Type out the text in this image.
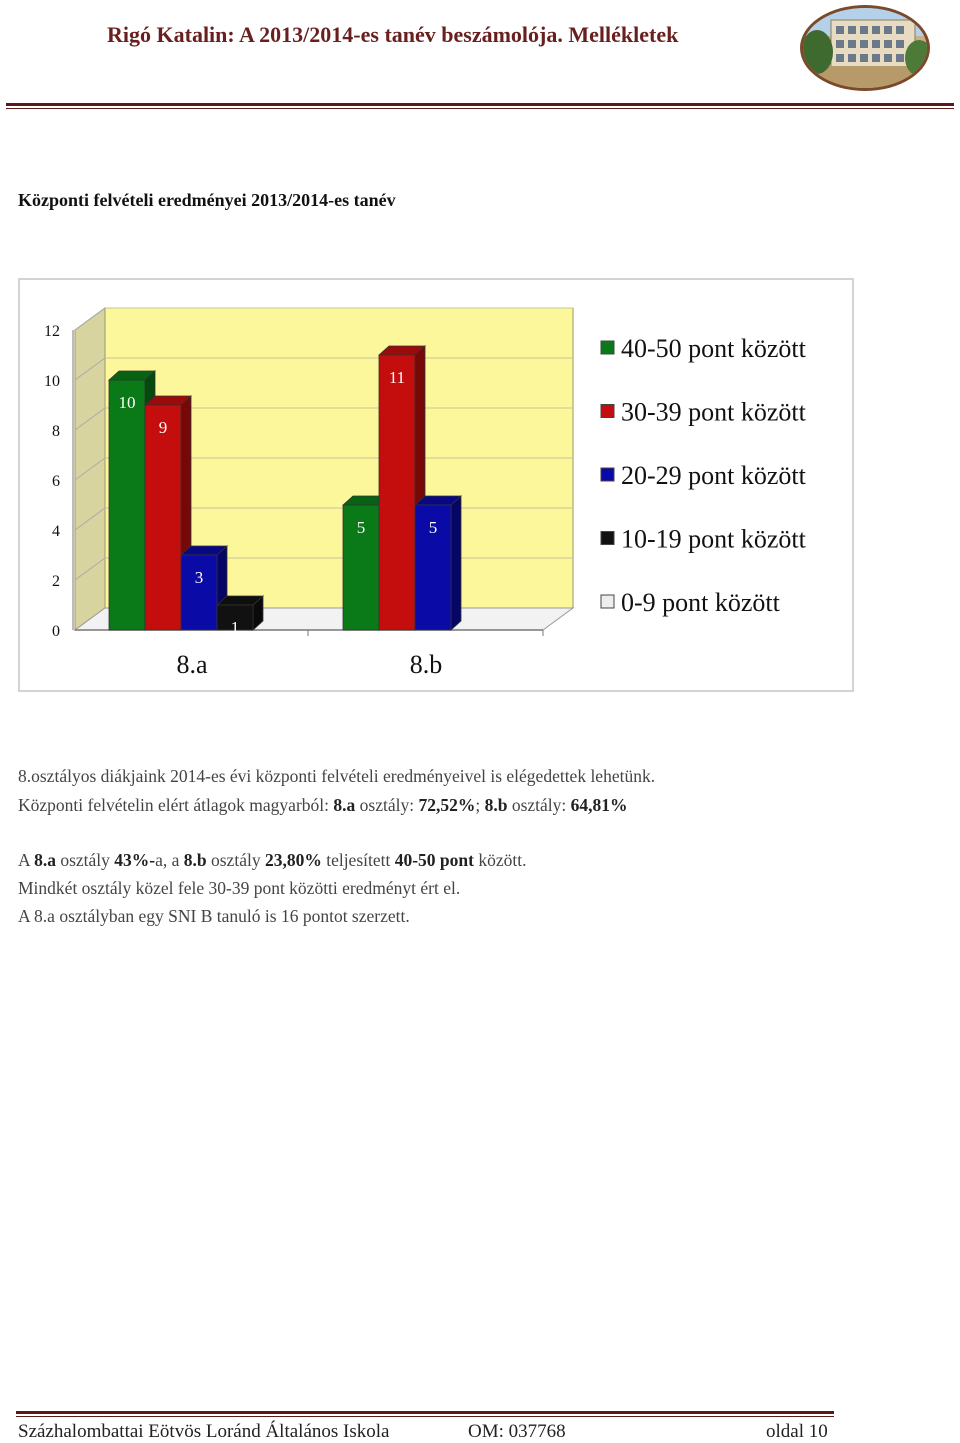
Rigó Katalin: A 2013/2014-es tanév beszámolója. Mellékletek
Központi felvételi eredményei 2013/2014-es tanév
0
2
4
6
8
10
12
8.a	8.b
10
9
3
1
5
11
5
40-50 pont között
30-39 pont között
20-29 pont között
10-19 pont között
0-9 pont között
8.osztályos diákjaink 2014-es évi központi felvételi eredményeivel is elégedettek lehetünk.
Központi felvételin elért átlagok magyarból: 8.a osztály: 72,52%; 8.b osztály: 64,81%
A 8.a osztály 43%-a, a 8.b osztály 23,80% teljesített 40-50 pont között.
Mindkét osztály közel fele 30-39 pont közötti eredményt ért el.
A 8.a osztályban egy SNI B tanuló is 16 pontot szerzett.
Százhalombattai Eötvös Loránd Általános Iskola	OM: 037768	oldal 10
